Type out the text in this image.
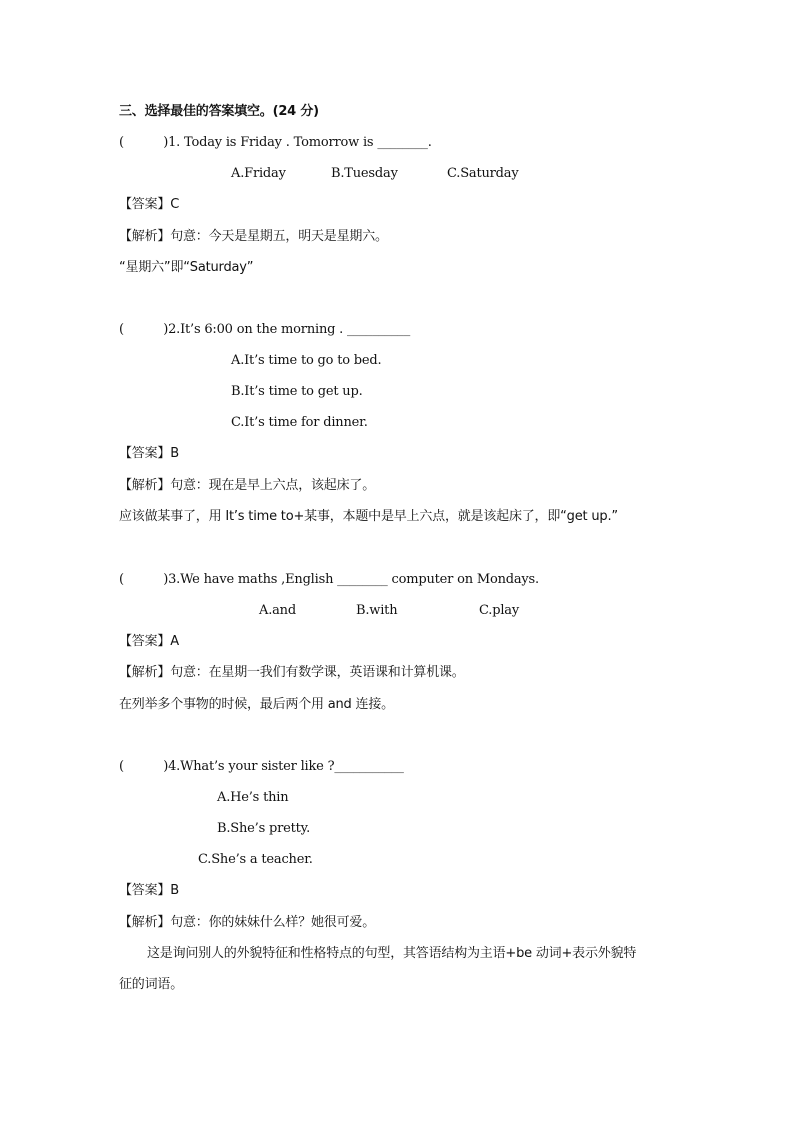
三、选择最佳的答案填空。(24 分)
(          )1. Today is Friday . Tomorrow is ________.
A.Friday	B.Tuesday	C.Saturday
【答案】C
【解析】句意：今天是星期五，明天是星期六。
“星期六”即“Saturday”
(          )2.It’s 6:00 on the morning . __________
A.It’s time to go to bed.
B.It’s time to get up.
C.It’s time for dinner.
【答案】B
【解析】句意：现在是早上六点，该起床了。
应该做某事了，用 It’s time to+某事，本题中是早上六点，就是该起床了，即“get up.”
(          )3.We have maths ,English ________ computer on Mondays.
A.and	B.with	C.play
【答案】A
【解析】句意：在星期一我们有数学课，英语课和计算机课。
在列举多个事物的时候，最后两个用 and 连接。
(          )4.What’s your sister like ?___________
A.He’s thin
B.She’s pretty.
C.She’s a teacher.
【答案】B
【解析】句意：你的妹妹什么样？她很可爱。
这是询问别人的外貌特征和性格特点的句型，其答语结构为主语+be 动词+表示外貌特
征的词语。
